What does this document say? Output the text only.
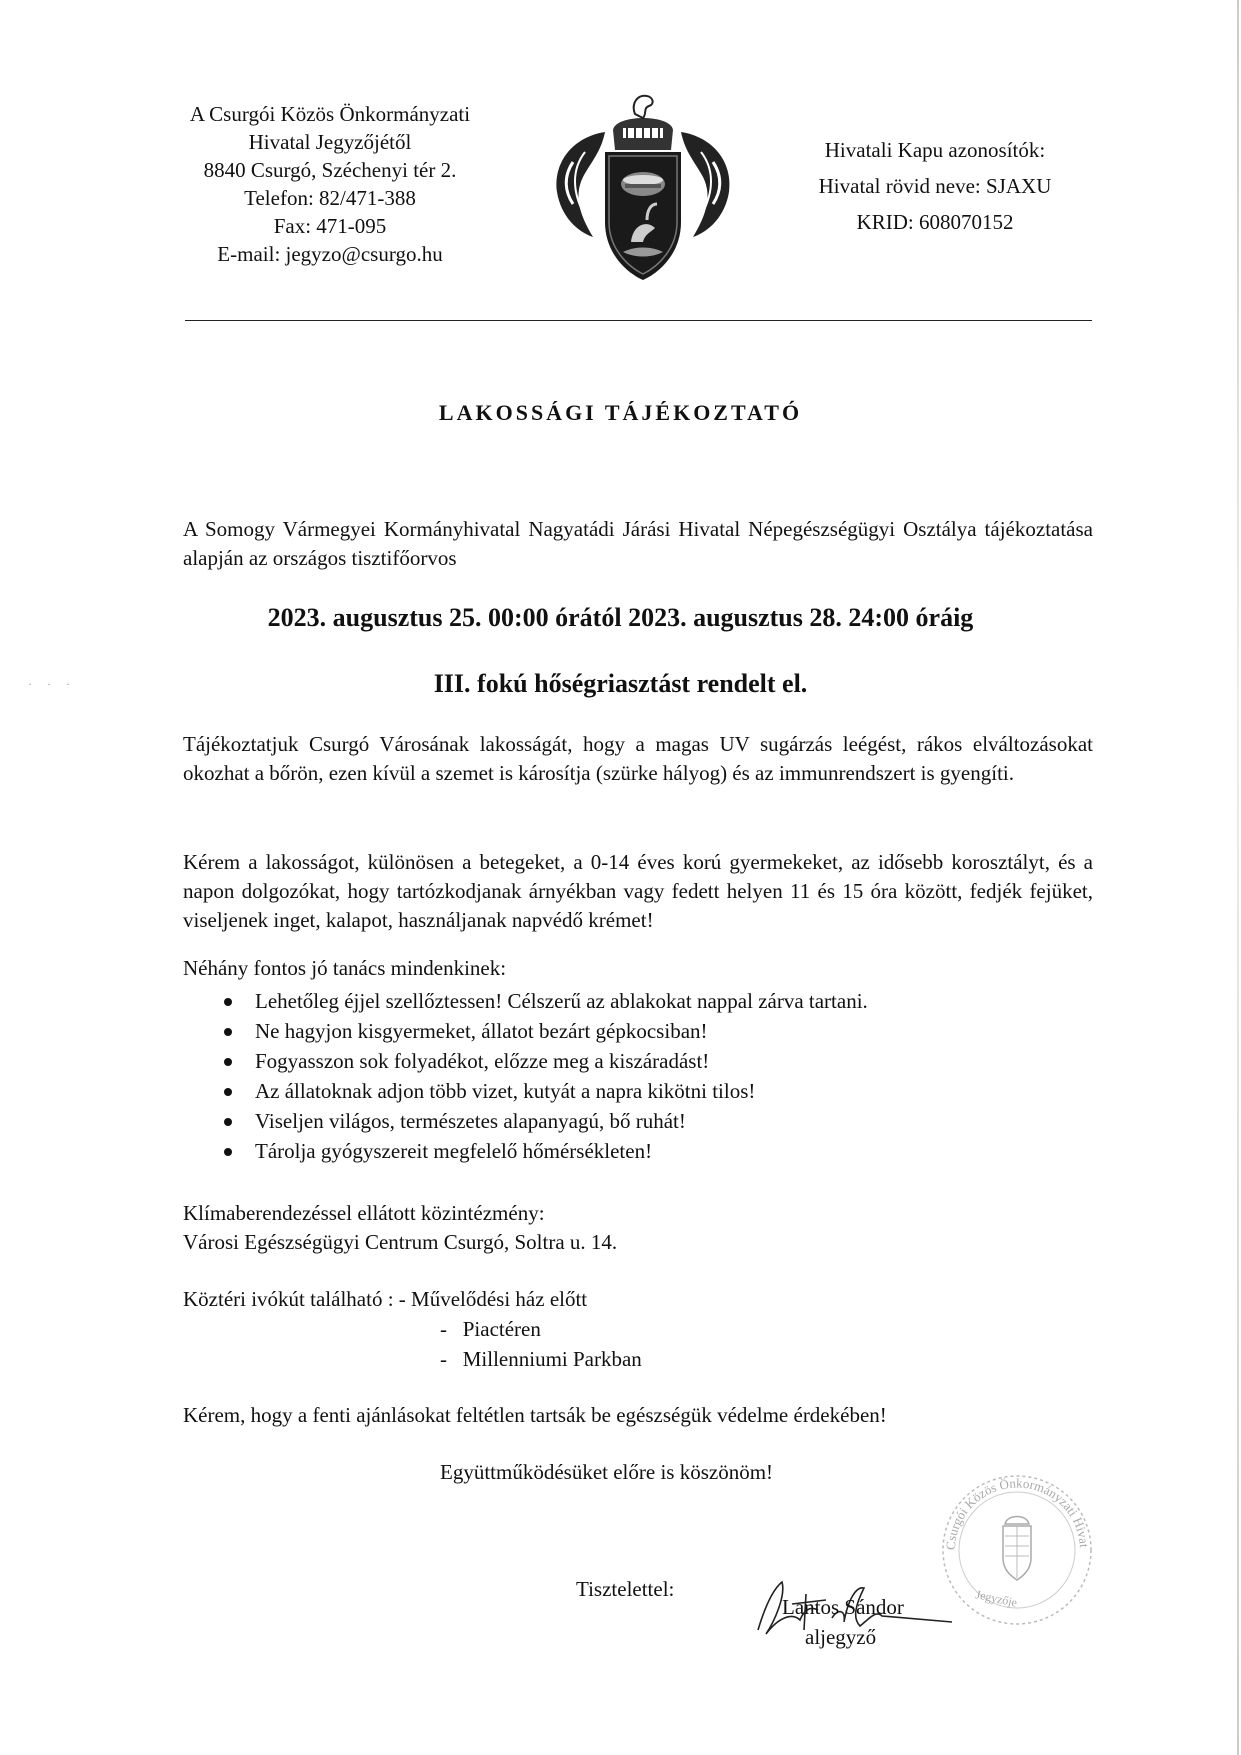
A Csurgói Közös Önkormányzati
Hivatal Jegyzőjétől
8840 Csurgó, Széchenyi tér 2.
Telefon: 82/471-388
Fax: 471-095
E-mail: jegyzo@csurgo.hu
Hivatali Kapu azonosítók:
Hivatal rövid neve: SJAXU
KRID: 608070152
LAKOSSÁGI TÁJÉKOZTATÓ
A Somogy Vármegyei Kormányhivatal Nagyatádi Járási Hivatal Népegészségügyi Osztálya tájékoztatása alapján az országos tisztifőorvos
2023. augusztus 25. 00:00 órától 2023. augusztus 28. 24:00 óráig
III. fokú hőségriasztást rendelt el.
Tájékoztatjuk Csurgó Városának lakosságát, hogy a magas UV sugárzás leégést, rákos elváltozásokat okozhat a bőrön, ezen kívül a szemet is károsítja (szürke hályog) és az immunrendszert is gyengíti.
Kérem a lakosságot, különösen a betegeket, a 0-14 éves korú gyermekeket, az idősebb korosztályt, és a napon dolgozókat, hogy tartózkodjanak árnyékban vagy fedett helyen 11 és 15 óra között, fedjék fejüket, viseljenek inget, kalapot, használjanak napvédő krémet!
Néhány fontos jó tanács mindenkinek:
Lehetőleg éjjel szellőztessen! Célszerű az ablakokat nappal zárva tartani.
Ne hagyjon kisgyermeket, állatot bezárt gépkocsiban!
Fogyasszon sok folyadékot, előzze meg a kiszáradást!
Az állatoknak adjon több vizet, kutyát a napra kikötni tilos!
Viseljen világos, természetes alapanyagú, bő ruhát!
Tárolja gyógyszereit megfelelő hőmérsékleten!
Klímaberendezéssel ellátott közintézmény:
Városi Egészségügyi Centrum Csurgó, Soltra u. 14.
Köztéri ivókút található : - Művelődési ház előtt
-   Piactéren
-   Millenniumi Parkban
Kérem, hogy a fenti ajánlásokat feltétlen tartsák be egészségük védelme érdekében!
Együttműködésüket előre is köszönöm!
Tisztelettel:
Csurgói Közös Önkormányzati Hivat
Jegyzője
Lantos Sándor
aljegyző
· · ·
